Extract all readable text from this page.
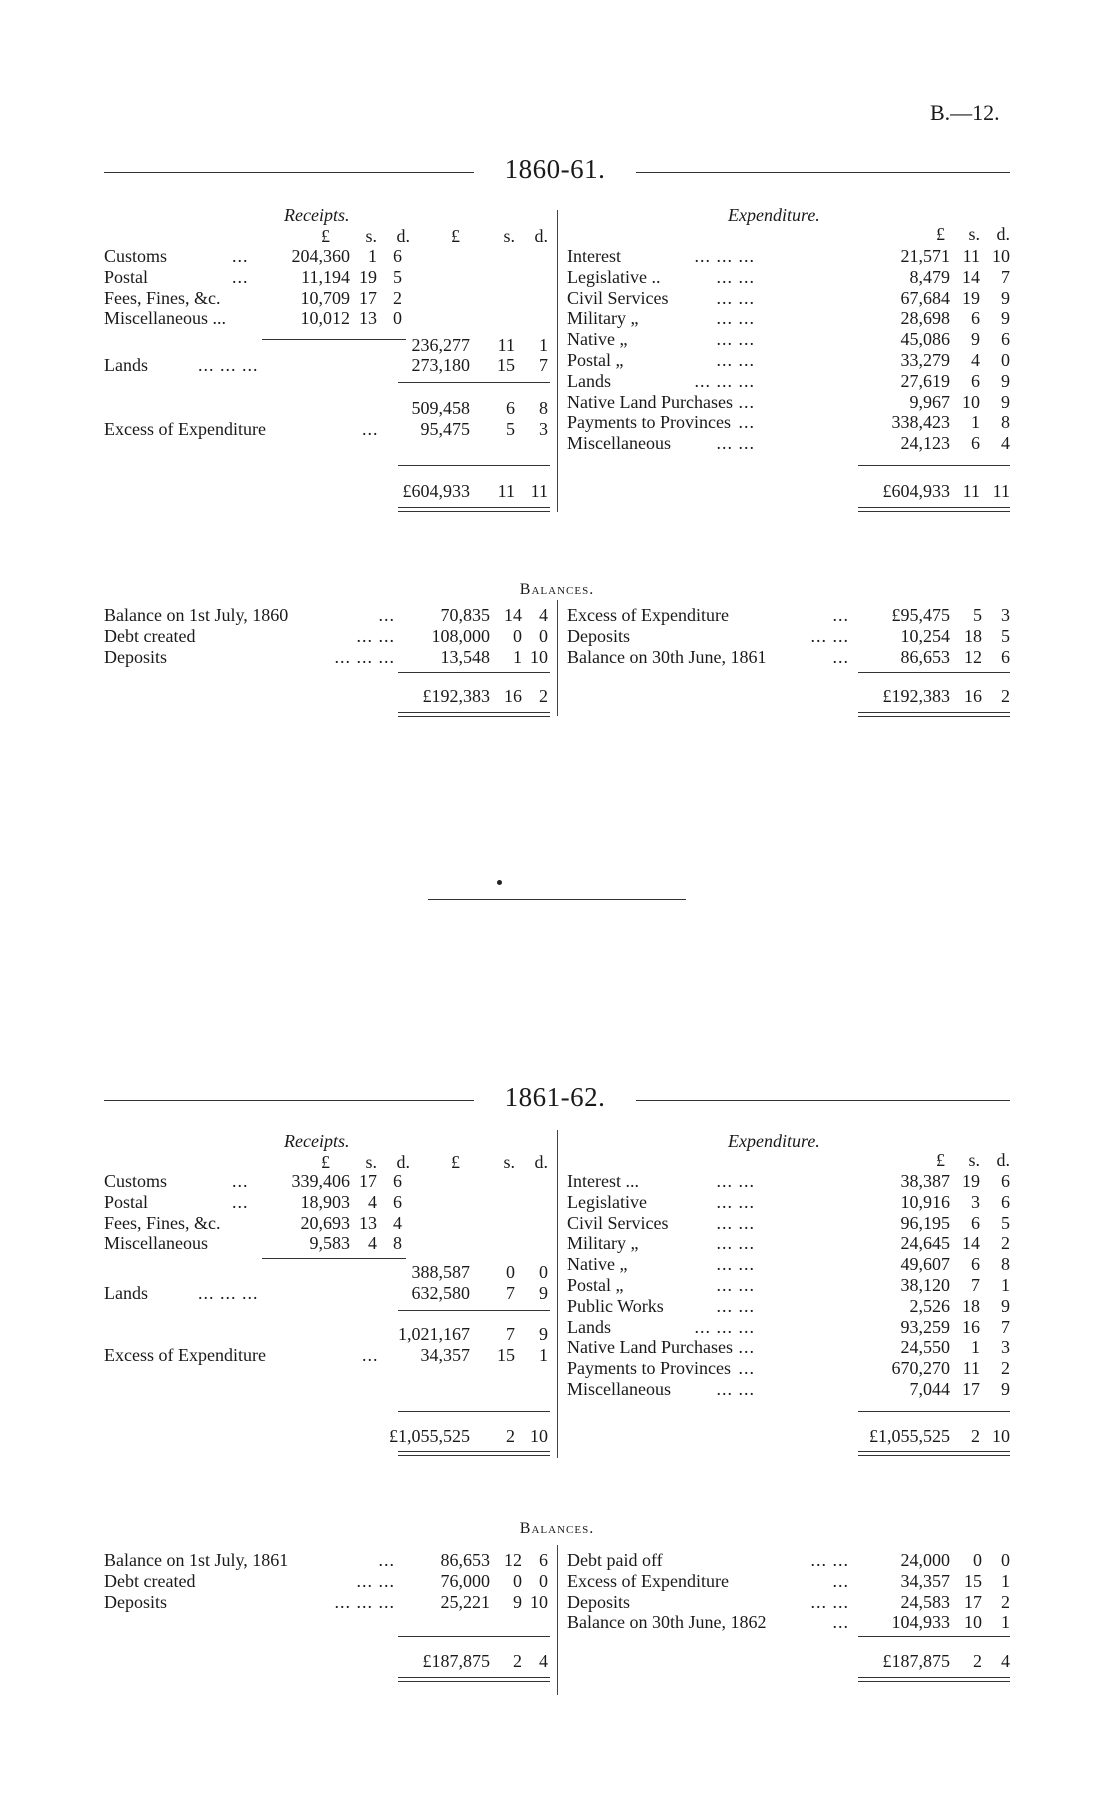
B.—12.
1860-61.
Receipts.	Expenditure.
£	s.	d.	£	s.	d.	£	s. d.
Customs	...	204,360	1 6
Postal	...	11,194 19 5
Fees, Fines, &c.	10,709 17 2
Miscellaneous ...	10,012 13 0
236,277	11	1
Lands	... ... ...	273,180	15	7
509,458	6	8
Excess of Expenditure	...	95,475	5	3
£604,933	11 11
Interest	... ... ...	21,571 11 10
Legislative ..	... ...	8,479 14	7
Civil Services	... ...	67,684 19	9
Military „	... ...	28,698	6	9
Native „	... ...	45,086	9	6
Postal „	... ...	33,279	4	0
Lands	... ... ...	27,619	6	9
Native Land Purchases ...	9,967 10	9
Payments to Provinces ...	338,423	1	8
Miscellaneous	... ...	24,123	6	4
£604,933 11 11
Balances.
Balance on 1st July, 1860	...	70,835 14 4
Debt created	... ...	108,000	0 0
Deposits	... ... ...	13,548	1 10
£192,383 16 2
Excess of Expenditure	...	£95,475	5	3
Deposits	... ...	10,254 18	5
Balance on 30th June, 1861	...	86,653 12	6
£192,383 16	2
1861-62.
Receipts.	Expenditure.
£	s.	d.	£	s.	d.	£	s. d.
Customs	...	339,406 17 6
Postal	...	18,903	4 6
Fees, Fines, &c.	20,693 13 4
Miscellaneous	9,583	4 8
388,587	0	0
Lands	... ... ...	632,580	7	9
1,021,167	7	9
Excess of Expenditure	...	34,357	15	1
£1,055,525	2 10
Interest ...	... ...	38,387 19	6
Legislative	... ...	10,916	3	6
Civil Services	... ...	96,195	6	5
Military „	... ...	24,645 14	2
Native „	... ...	49,607	6	8
Postal „	... ...	38,120	7	1
Public Works	... ...	2,526 18	9
Lands	... ... ...	93,259 16	7
Native Land Purchases ...	24,550	1	3
Payments to Provinces ...	670,270 11	2
Miscellaneous	... ...	7,044 17	9
£1,055,525	2 10
Balances.
Balance on 1st July, 1861	...	86,653 12 6
Debt created	... ...	76,000	0 0
Deposits	... ... ...	25,221	9 10
£187,875	2 4
Debt paid off	... ...	24,000	0	0
Excess of Expenditure	...	34,357 15	1
Deposits	... ...	24,583 17	2
Balance on 30th June, 1862	...	104,933 10	1
£187,875	2	4
